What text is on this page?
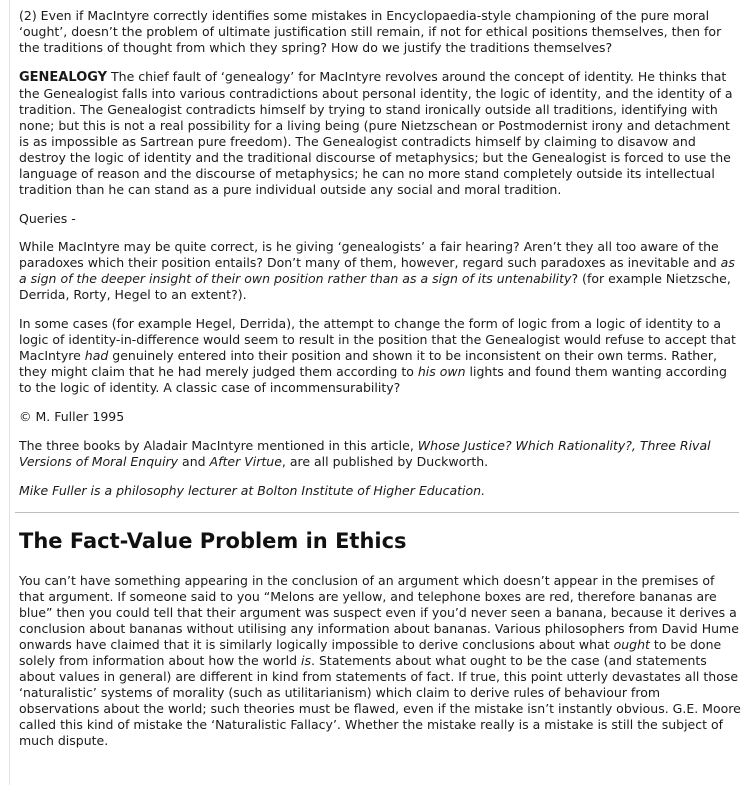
(2) Even if MacIntyre correctly identifies some mistakes in Encyclopaedia-style championing of the pure moral ‘ought’, doesn’t the problem of ultimate justification still remain, if not for ethical positions themselves, then for the traditions of thought from which they spring? How do we justify the traditions themselves?

GENEALOGY The chief fault of ‘genealogy’ for MacIntyre revolves around the concept of identity. He thinks that the Genealogist falls into various contradictions about personal identity, the logic of identity, and the identity of a tradition. The Genealogist contradicts himself by trying to stand ironically outside all traditions, identifying with none; but this is not a real possibility for a living being (pure Nietzschean or Postmodernist irony and detachment is as impossible as Sartrean pure freedom). The Genealogist contradicts himself by claiming to disavow and destroy the logic of identity and the traditional discourse of metaphysics; but the Genealogist is forced to use the language of reason and the discourse of metaphysics; he can no more stand completely outside its intellectual tradition than he can stand as a pure individual outside any social and moral tradition.

Queries -

While MacIntyre may be quite correct, is he giving ‘genealogists’ a fair hearing? Aren’t they all too aware of the paradoxes which their position entails? Don’t many of them, however, regard such paradoxes as inevitable and as a sign of the deeper insight of their own position rather than as a sign of its untenability? (for example Nietzsche, Derrida, Rorty, Hegel to an extent?).

In some cases (for example Hegel, Derrida), the attempt to change the form of logic from a logic of identity to a logic of identity-in-difference would seem to result in the position that the Genealogist would refuse to accept that MacIntyre had genuinely entered into their position and shown it to be inconsistent on their own terms. Rather, they might claim that he had merely judged them according to his own lights and found them wanting according to the logic of identity. A classic case of incommensurability?

© M. Fuller 1995

The three books by Aladair MacIntyre mentioned in this article, Whose Justice? Which Rationality?, Three Rival Versions of Moral Enquiry and After Virtue, are all published by Duckworth.

Mike Fuller is a philosophy lecturer at Bolton Institute of Higher Education.

The Fact-Value Problem in Ethics

You can’t have something appearing in the conclusion of an argument which doesn’t appear in the premises of that argument. If someone said to you “Melons are yellow, and telephone boxes are red, therefore bananas are blue” then you could tell that their argument was suspect even if you’d never seen a banana, because it derives a conclusion about bananas without utilising any information about bananas. Various philosophers from David Hume onwards have claimed that it is similarly logically impossible to derive conclusions about what ought to be done solely from information about how the world is. Statements about what ought to be the case (and statements about values in general) are different in kind from statements of fact. If true, this point utterly devastates all those ‘naturalistic’ systems of morality (such as utilitarianism) which claim to derive rules of behaviour from observations about the world; such theories must be flawed, even if the mistake isn’t instantly obvious. G.E. Moore called this kind of mistake the ‘Naturalistic Fallacy’. Whether the mistake really is a mistake is still the subject of much dispute.
